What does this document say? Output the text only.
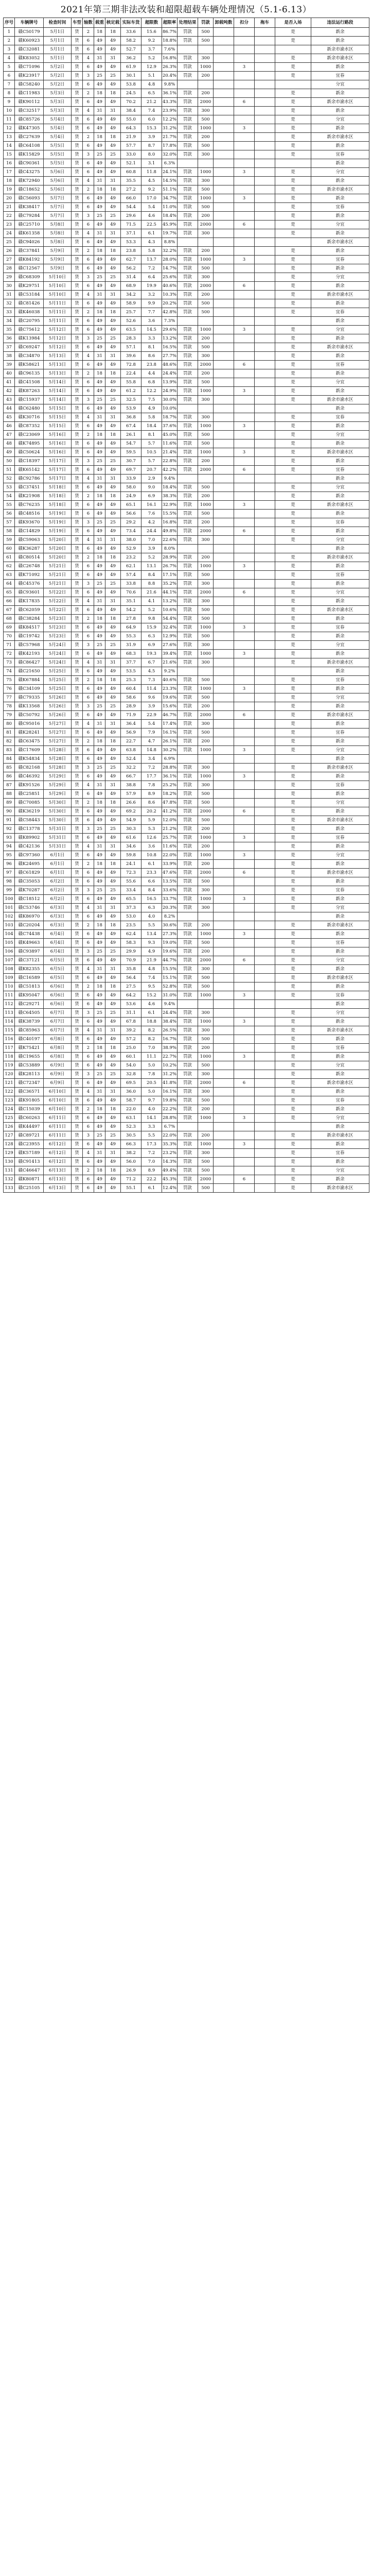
2021年第三期非法改装和超限超载车辆处理情况（5.1-6.13）
序号	车辆牌号	检查时间	车型	轴数	载重	核定载	实际车货	超限数	超限率	处理结果	罚款	卸载吨数	扣分	拖车	是否入场	违法运行路段
1	赣C50179	5月1日	货	2	18	18	33.6	15.6	86.7%	罚款	500				是	新余
2	赣K60923	5月1日	货	6	49	49	58.2	9.2	18.8%	罚款	500				是	新余
3	赣C32081	5月1日	货	6	49	49	52.7	3.7	7.6%							新余市渝水区
4	赣K83052	5月1日	货	4	31	31	36.2	5.2	16.8%	罚款	300				是	新余市渝水区
5	赣C71096	5月2日	货	6	49	49	61.9	12.9	26.3%	罚款	1000		3		是	新余
6	赣K23917	5月2日	货	3	25	25	30.1	5.1	20.4%	罚款	200				是	宜春
7	赣C58240	5月2日	货	6	49	49	53.8	4.8	9.8%							分宜
8	赣C11983	5月3日	货	2	18	18	24.5	6.5	36.1%	罚款	200				是	新余
9	赣K90112	5月3日	货	6	49	49	70.2	21.2	43.3%	罚款	2000		6		是	新余市渝水区
10	赣C32517	5月3日	货	4	31	31	38.4	7.4	23.9%	罚款	300				是	新余
11	赣C85726	5月4日	货	6	49	49	55.0	6.0	12.2%	罚款	500				是	分宜
12	赣K47305	5月4日	货	6	49	49	64.3	15.3	31.2%	罚款	1000		3		是	新余
13	赣C27639	5月4日	货	2	18	18	21.9	3.9	21.7%	罚款	200				是	新余市渝水区
14	赣C64108	5月5日	货	6	49	49	57.7	8.7	17.8%	罚款	500				是	新余
15	赣K15829	5月5日	货	3	25	25	33.0	8.0	32.0%	罚款	300				是	宜春
16	赣C90361	5月5日	货	6	49	49	52.1	3.1	6.3%							新余
17	赣C43275	5月6日	货	6	49	49	60.8	11.8	24.1%	罚款	1000		3		是	分宜
18	赣K72940	5月6日	货	4	31	31	35.5	4.5	14.5%	罚款	300				是	新余
19	赣C18652	5月6日	货	2	18	18	27.2	9.2	51.1%	罚款	500				是	新余市渝水区
20	赣C56093	5月7日	货	6	49	49	66.0	17.0	34.7%	罚款	1000		3		是	新余
21	赣K38417	5月7日	货	6	49	49	54.4	5.4	11.0%	罚款	500				是	宜春
22	赣C79284	5月7日	货	3	25	25	29.6	4.6	18.4%	罚款	200				是	新余
23	赣C25710	5月8日	货	6	49	49	71.5	22.5	45.9%	罚款	2000		6		是	分宜
24	赣K61358	5月8日	货	4	31	31	37.1	6.1	19.7%	罚款	300				是	新余
25	赣C94026	5月8日	货	6	49	49	53.3	4.3	8.8%							新余市渝水区
26	赣C37841	5月9日	货	2	18	18	23.8	5.8	32.2%	罚款	200				是	新余
27	赣K84192	5月9日	货	6	49	49	62.7	13.7	28.0%	罚款	1000		3		是	宜春
28	赣C12567	5月9日	货	6	49	49	56.2	7.2	14.7%	罚款	500				是	新余
29	赣C68309	5月10日	货	3	25	25	31.4	6.4	25.6%	罚款	300				是	分宜
30	赣K29751	5月10日	货	6	49	49	68.9	19.9	40.6%	罚款	2000		6		是	新余
31	赣C53184	5月10日	货	4	31	31	34.2	3.2	10.3%	罚款	200				是	新余市渝水区
32	赣C81426	5月11日	货	6	49	49	58.9	9.9	20.2%	罚款	500				是	新余
33	赣K46038	5月11日	货	2	18	18	25.7	7.7	42.8%	罚款	500				是	宜春
34	赣C20795	5月11日	货	6	49	49	52.6	3.6	7.3%							新余
35	赣C75612	5月12日	货	6	49	49	63.5	14.5	29.6%	罚款	1000		3		是	分宜
36	赣K13984	5月12日	货	3	25	25	28.3	3.3	13.2%	罚款	200				是	新余
37	赣C69247	5月12日	货	6	49	49	57.1	8.1	16.5%	罚款	500				是	新余市渝水区
38	赣C34870	5月13日	货	4	31	31	39.6	8.6	27.7%	罚款	300				是	新余
39	赣K58621	5月13日	货	6	49	49	72.8	23.8	48.6%	罚款	2000		6		是	宜春
40	赣C96135	5月13日	货	2	18	18	22.4	4.4	24.4%	罚款	200				是	新余
41	赣C41508	5月14日	货	6	49	49	55.8	6.8	13.9%	罚款	500				是	分宜
42	赣K87263	5月14日	货	6	49	49	61.2	12.2	24.9%	罚款	1000		3		是	新余
43	赣C15937	5月14日	货	3	25	25	32.5	7.5	30.0%	罚款	300				是	新余市渝水区
44	赣C62480	5月15日	货	6	49	49	53.9	4.9	10.0%							新余
45	赣K30716	5月15日	货	4	31	31	36.8	5.8	18.7%	罚款	300				是	宜春
46	赣C87352	5月15日	货	6	49	49	67.4	18.4	37.6%	罚款	1000		3		是	新余
47	赣C23069	5月16日	货	2	18	18	26.1	8.1	45.0%	罚款	500				是	分宜
48	赣K74895	5月16日	货	6	49	49	54.7	5.7	11.6%	罚款	500				是	新余
49	赣C50624	5月16日	货	6	49	49	59.5	10.5	21.4%	罚款	1000		3		是	新余市渝水区
50	赣C18397	5月17日	货	3	25	25	30.7	5.7	22.8%	罚款	200				是	新余
51	赣K65142	5月17日	货	6	49	49	69.7	20.7	42.2%	罚款	2000		6		是	宜春
52	赣C92786	5月17日	货	4	31	31	33.9	2.9	9.4%							新余
53	赣C37451	5月18日	货	6	49	49	58.0	9.0	18.4%	罚款	500				是	分宜
54	赣K21908	5月18日	货	2	18	18	24.9	6.9	38.3%	罚款	200				是	新余
55	赣C76235	5月18日	货	6	49	49	65.1	16.1	32.9%	罚款	1000		3		是	新余市渝水区
56	赣C48516	5月19日	货	6	49	49	56.6	7.6	15.5%	罚款	500				是	新余
57	赣K93670	5月19日	货	3	25	25	29.2	4.2	16.8%	罚款	200				是	宜春
58	赣C14829	5月19日	货	6	49	49	73.4	24.4	49.8%	罚款	2000		6		是	新余
59	赣C59063	5月20日	货	4	31	31	38.0	7.0	22.6%	罚款	300				是	分宜
60	赣K36287	5月20日	货	6	49	49	52.9	3.9	8.0%							新余
61	赣C80514	5月20日	货	2	18	18	23.2	5.2	28.9%	罚款	200				是	新余市渝水区
62	赣C26748	5月21日	货	6	49	49	62.1	13.1	26.7%	罚款	1000		3		是	新余
63	赣K71092	5月21日	货	6	49	49	57.4	8.4	17.1%	罚款	500				是	宜春
64	赣C45376	5月21日	货	3	25	25	33.8	8.8	35.2%	罚款	300				是	新余
65	赣C93601	5月22日	货	6	49	49	70.6	21.6	44.1%	罚款	2000		6		是	分宜
66	赣K17835	5月22日	货	4	31	31	35.1	4.1	13.2%	罚款	300				是	新余
67	赣C62059	5月22日	货	6	49	49	54.2	5.2	10.6%	罚款	500				是	新余市渝水区
68	赣C38284	5月23日	货	2	18	18	27.8	9.8	54.4%	罚款	500				是	新余
69	赣K84517	5月23日	货	6	49	49	64.9	15.9	32.4%	罚款	1000		3		是	宜春
70	赣C19742	5月23日	货	6	49	49	55.3	6.3	12.9%	罚款	500				是	新余
71	赣C57968	5月24日	货	3	25	25	31.9	6.9	27.6%	罚款	300				是	分宜
72	赣K42193	5月24日	货	6	49	49	68.3	19.3	39.4%	罚款	1000		3		是	新余
73	赣C86427	5月24日	货	4	31	31	37.7	6.7	21.6%	罚款	300				是	新余市渝水区
74	赣C21650	5月25日	货	6	49	49	53.5	4.5	9.2%							新余
75	赣K67884	5月25日	货	2	18	18	25.3	7.3	40.6%	罚款	500				是	宜春
76	赣C34109	5月25日	货	6	49	49	60.4	11.4	23.3%	罚款	1000		3		是	新余
77	赣C79335	5月26日	货	6	49	49	58.6	9.6	19.6%	罚款	500				是	分宜
78	赣K13568	5月26日	货	3	25	25	28.9	3.9	15.6%	罚款	200				是	新余
79	赣C50792	5月26日	货	6	49	49	71.9	22.9	46.7%	罚款	2000		6		是	新余市渝水区
80	赣C95016	5月27日	货	4	31	31	36.4	5.4	17.4%	罚款	300				是	新余
81	赣K28241	5月27日	货	6	49	49	56.9	7.9	16.1%	罚款	500				是	宜春
82	赣C63475	5月27日	货	2	18	18	22.7	4.7	26.1%	罚款	200				是	新余
83	赣C17609	5月28日	货	6	49	49	63.8	14.8	30.2%	罚款	1000		3		是	分宜
84	赣K54834	5月28日	货	6	49	49	52.4	3.4	6.9%							新余
85	赣C82168	5月28日	货	3	25	25	32.2	7.2	28.8%	罚款	300				是	新余市渝水区
86	赣C46392	5月29日	货	6	49	49	66.7	17.7	36.1%	罚款	1000		3		是	新余
87	赣K91526	5月29日	货	4	31	31	38.8	7.8	25.2%	罚款	300				是	宜春
88	赣C25851	5月29日	货	6	49	49	57.9	8.9	18.2%	罚款	500				是	新余
89	赣C70085	5月30日	货	2	18	18	26.6	8.6	47.8%	罚款	500				是	分宜
90	赣K36219	5月30日	货	6	49	49	69.2	20.2	41.2%	罚款	2000		6		是	新余
91	赣C58443	5月30日	货	6	49	49	54.9	5.9	12.0%	罚款	500				是	新余市渝水区
92	赣C13778	5月31日	货	3	25	25	30.3	5.3	21.2%	罚款	200				是	新余
93	赣K89902	5月31日	货	6	49	49	61.6	12.6	25.7%	罚款	1000		3		是	宜春
94	赣C42136	5月31日	货	4	31	31	34.6	3.6	11.6%	罚款	200				是	新余
95	赣C97360	6月1日	货	6	49	49	59.8	10.8	22.0%	罚款	1000		3		是	分宜
96	赣K24695	6月1日	货	2	18	18	24.1	6.1	33.9%	罚款	200				是	新余
97	赣C61829	6月1日	货	6	49	49	72.3	23.3	47.6%	罚款	2000		6		是	新余市渝水区
98	赣C35053	6月2日	货	6	49	49	55.6	6.6	13.5%	罚款	500				是	新余
99	赣K70287	6月2日	货	3	25	25	33.4	8.4	33.6%	罚款	300				是	宜春
100	赣C18512	6月2日	货	6	49	49	65.5	16.5	33.7%	罚款	1000		3		是	新余
101	赣C53746	6月3日	货	4	31	31	37.3	6.3	20.3%	罚款	300				是	分宜
102	赣K86970	6月3日	货	6	49	49	53.0	4.0	8.2%							新余
103	赣C20204	6月3日	货	2	18	18	23.5	5.5	30.6%	罚款	200				是	新余市渝水区
104	赣C74438	6月4日	货	6	49	49	62.4	13.4	27.3%	罚款	1000		3		是	新余
105	赣K49663	6月4日	货	6	49	49	58.3	9.3	19.0%	罚款	500				是	宜春
106	赣C93897	6月4日	货	3	25	25	29.9	4.9	19.6%	罚款	200				是	新余
107	赣C37121	6月5日	货	6	49	49	70.9	21.9	44.7%	罚款	2000		6		是	分宜
108	赣K82355	6月5日	货	4	31	31	35.8	4.8	15.5%	罚款	300				是	新余
109	赣C16589	6月5日	货	6	49	49	56.4	7.4	15.1%	罚款	500				是	新余市渝水区
110	赣C51813	6月6日	货	2	18	18	27.5	9.5	52.8%	罚款	500				是	新余
111	赣K95047	6月6日	货	6	49	49	64.2	15.2	31.0%	罚款	1000		3		是	宜春
112	赣C29271	6月6日	货	6	49	49	53.6	4.6	9.4%							新余
113	赣C64505	6月7日	货	3	25	25	31.1	6.1	24.4%	罚款	300				是	分宜
114	赣K38739	6月7日	货	6	49	49	67.8	18.8	38.4%	罚款	1000		3		是	新余
115	赣C85963	6月7日	货	4	31	31	39.2	8.2	26.5%	罚款	300				是	新余市渝水区
116	赣C40197	6月8日	货	6	49	49	57.2	8.2	16.7%	罚款	500				是	新余
117	赣K75421	6月8日	货	2	18	18	25.0	7.0	38.9%	罚款	200				是	宜春
118	赣C19655	6月8日	货	6	49	49	60.1	11.1	22.7%	罚款	1000		3		是	新余
119	赣C53889	6月9日	货	6	49	49	54.0	5.0	10.2%	罚款	500				是	分宜
120	赣K28113	6月9日	货	3	25	25	32.8	7.8	31.2%	罚款	300				是	新余
121	赣C72347	6月9日	货	6	49	49	69.5	20.5	41.8%	罚款	2000		6		是	新余市渝水区
122	赣C36571	6月10日	货	4	31	31	36.0	5.0	16.1%	罚款	300				是	新余
123	赣K91805	6月10日	货	6	49	49	58.7	9.7	19.8%	罚款	500				是	宜春
124	赣C15039	6月10日	货	2	18	18	22.0	4.0	22.2%	罚款	200				是	新余
125	赣C60263	6月11日	货	6	49	49	63.1	14.1	28.8%	罚款	1000		3		是	分宜
126	赣K44497	6月11日	货	6	49	49	52.3	3.3	6.7%							新余
127	赣C89721	6月11日	货	3	25	25	30.5	5.5	22.0%	罚款	200				是	新余市渝水区
128	赣C23955	6月12日	货	6	49	49	66.3	17.3	35.3%	罚款	1000		3		是	新余
129	赣K57189	6月12日	货	4	31	31	38.2	7.2	23.2%	罚款	300				是	宜春
130	赣C91413	6月12日	货	6	49	49	56.0	7.0	14.3%	罚款	500				是	新余
131	赣C46647	6月13日	货	2	18	18	26.9	8.9	49.4%	罚款	500				是	分宜
132	赣K80871	6月13日	货	6	49	49	71.2	22.2	45.3%	罚款	2000		6		是	新余
133	赣C25105	6月13日	货	6	49	49	55.1	6.1	12.4%	罚款	500				是	新余市渝水区
